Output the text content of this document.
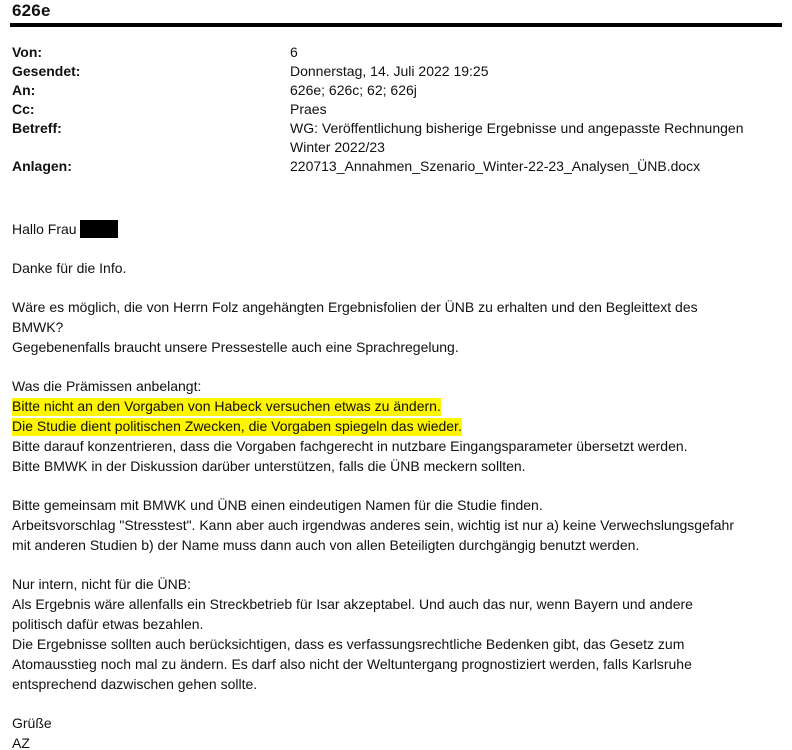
626e
Von:	6
Gesendet:	Donnerstag, 14. Juli 2022 19:25
An:	626e; 626c; 62; 626j
Cc:	Praes
Betreff:	WG: Veröffentlichung bisherige Ergebnisse und angepasste Rechnungen Winter 2022/23
Anlagen:	220713_Annahmen_Szenario_Winter-22-23_Analysen_ÜNB.docx
Hallo Frau
Danke für die Info.
Wäre es möglich, die von Herrn Folz angehängten Ergebnisfolien der ÜNB zu erhalten und den Begleittext des
BMWK?
Gegebenenfalls braucht unsere Pressestelle auch eine Sprachregelung.
Was die Prämissen anbelangt:
Bitte nicht an den Vorgaben von Habeck versuchen etwas zu ändern.
Die Studie dient politischen Zwecken, die Vorgaben spiegeln das wieder.
Bitte darauf konzentrieren, dass die Vorgaben fachgerecht in nutzbare Eingangsparameter übersetzt werden.
Bitte BMWK in der Diskussion darüber unterstützen, falls die ÜNB meckern sollten.
Bitte gemeinsam mit BMWK und ÜNB einen eindeutigen Namen für die Studie finden.
Arbeitsvorschlag "Stresstest". Kann aber auch irgendwas anderes sein, wichtig ist nur a) keine Verwechslungsgefahr
mit anderen Studien b) der Name muss dann auch von allen Beteiligten durchgängig benutzt werden.
Nur intern, nicht für die ÜNB:
Als Ergebnis wäre allenfalls ein Streckbetrieb für Isar akzeptabel. Und auch das nur, wenn Bayern und andere
politisch dafür etwas bezahlen.
Die Ergebnisse sollten auch berücksichtigen, dass es verfassungsrechtliche Bedenken gibt, das Gesetz zum
Atomausstieg noch mal zu ändern. Es darf also nicht der Weltuntergang prognostiziert werden, falls Karlsruhe
entsprechend dazwischen gehen sollte.
Grüße
AZ
